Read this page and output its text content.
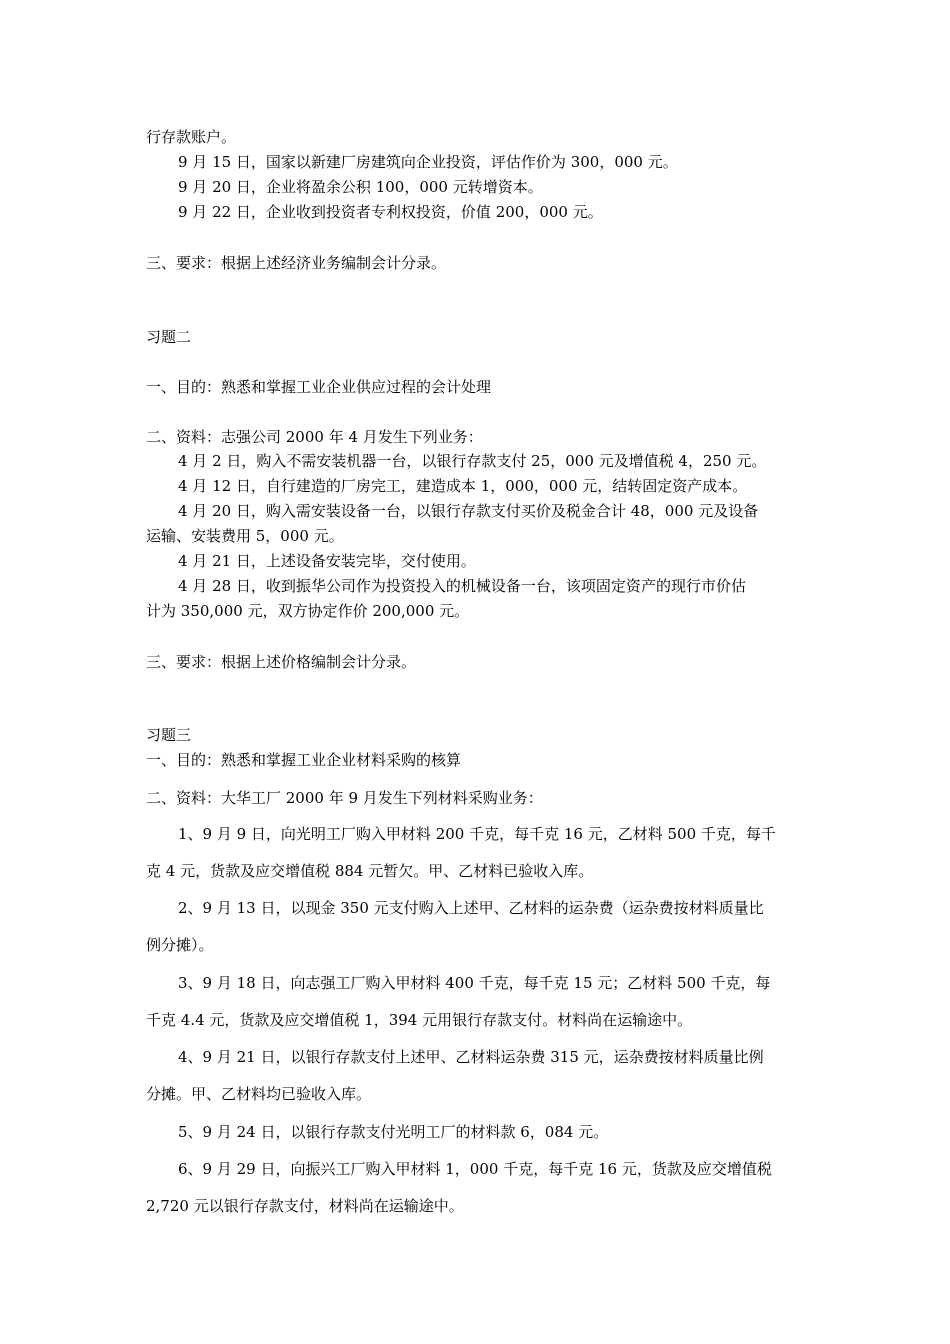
行存款账户。
9 月 15 日，国家以新建厂房建筑向企业投资，评估作价为 300，000 元。
9 月 20 日，企业将盈余公积 100，000 元转增资本。
9 月 22 日，企业收到投资者专利权投资，价值 200，000 元。
三、要求：根据上述经济业务编制会计分录。
习题二
一、目的：熟悉和掌握工业企业供应过程的会计处理
二、资料：志强公司 2000 年 4 月发生下列业务：
4 月 2 日，购入不需安装机器一台，以银行存款支付 25，000 元及增值税 4，250 元。
4 月 12 日，自行建造的厂房完工，建造成本 1，000，000 元，结转固定资产成本。
4 月 20 日，购入需安装设备一台，以银行存款支付买价及税金合计 48，000 元及设备
运输、安装费用 5，000 元。
4 月 21 日，上述设备安装完毕，交付使用。
4 月 28 日，收到振华公司作为投资投入的机械设备一台，该项固定资产的现行市价估
计为 350,000 元，双方协定作价 200,000 元。
三、要求：根据上述价格编制会计分录。
习题三
一、目的：熟悉和掌握工业企业材料采购的核算
二、资料：大华工厂 2000 年 9 月发生下列材料采购业务：
1、9 月 9 日，向光明工厂购入甲材料 200 千克，每千克 16 元，乙材料 500 千克，每千
克 4 元，货款及应交增值税 884 元暂欠。甲、乙材料已验收入库。
2、9 月 13 日，以现金 350 元支付购入上述甲、乙材料的运杂费（运杂费按材料质量比
例分摊）。
3、9 月 18 日，向志强工厂购入甲材料 400 千克，每千克 15 元；乙材料 500 千克，每
千克 4.4 元，货款及应交增值税 1，394 元用银行存款支付。材料尚在运输途中。
4、9 月 21 日，以银行存款支付上述甲、乙材料运杂费 315 元，运杂费按材料质量比例
分摊。甲、乙材料均已验收入库。
5、9 月 24 日，以银行存款支付光明工厂的材料款 6，084 元。
6、9 月 29 日，向振兴工厂购入甲材料 1，000 千克，每千克 16 元，货款及应交增值税
2,720 元以银行存款支付，材料尚在运输途中。
